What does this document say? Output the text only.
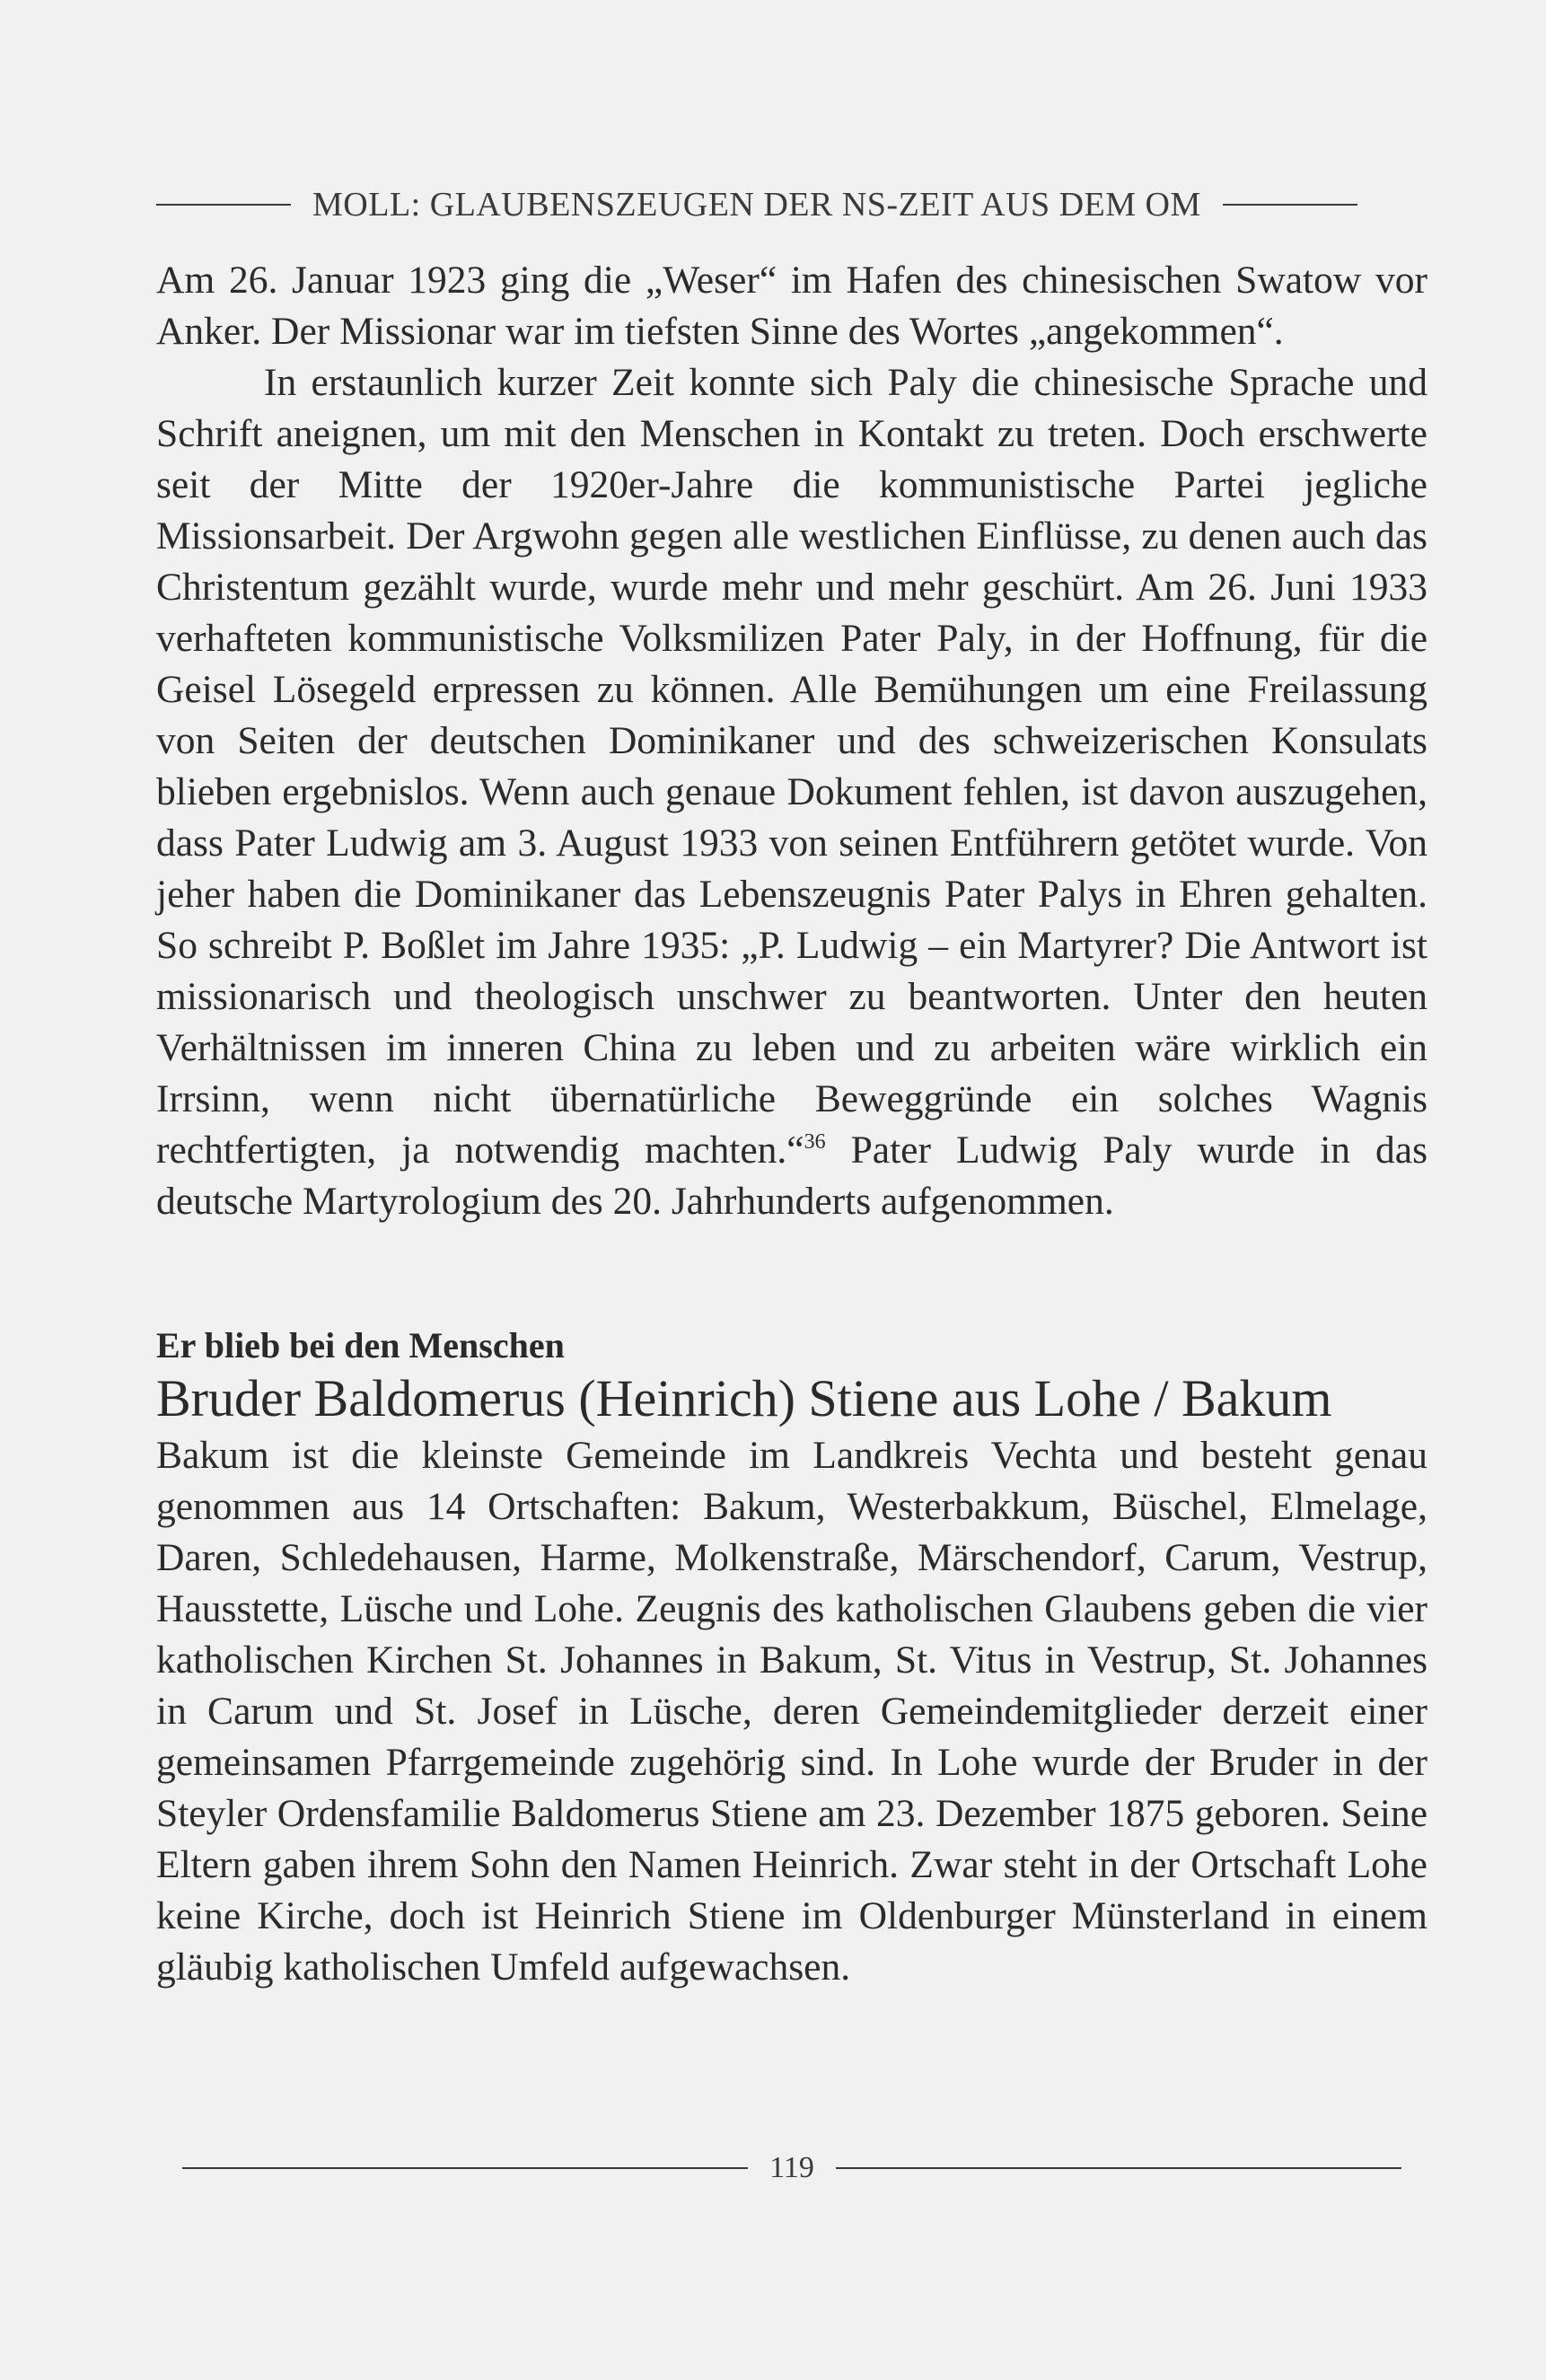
MOLL: GLAUBENSZEUGEN DER NS-ZEIT AUS DEM OM

Am 26. Januar 1923 ging die „Weser“ im Hafen des chinesischen Swatow vor Anker. Der Missionar war im tiefsten Sinne des Wortes „angekommen“.

In erstaunlich kurzer Zeit konnte sich Paly die chinesische Sprache und Schrift aneignen, um mit den Menschen in Kontakt zu treten. Doch erschwerte seit der Mitte der 1920er-Jahre die kommunistische Partei jegliche Missionsarbeit. Der Argwohn gegen alle westlichen Einflüsse, zu denen auch das Christentum gezählt wurde, wurde mehr und mehr geschürt. Am 26. Juni 1933 verhafteten kommunistische Volksmilizen Pater Paly, in der Hoffnung, für die Geisel Lösegeld erpressen zu können. Alle Bemühungen um eine Freilassung von Seiten der deutschen Dominikaner und des schweizerischen Konsulats blieben ergebnislos. Wenn auch genaue Dokument fehlen, ist davon auszugehen, dass Pater Ludwig am 3. August 1933 von seinen Entführern getötet wurde. Von jeher haben die Dominikaner das Lebenszeugnis Pater Palys in Ehren gehalten. So schreibt P. Boßlet im Jahre 1935: „P. Ludwig – ein Martyrer? Die Antwort ist missionarisch und theologisch unschwer zu beantworten. Unter den heuten Verhältnissen im inneren China zu leben und zu arbeiten wäre wirklich ein Irrsinn, wenn nicht übernatürliche Beweggründe ein solches Wagnis rechtfertigten, ja notwendig machten.“$^{36}$ Pater Ludwig Paly wurde in das deutsche Martyrologium des 20. Jahrhunderts aufgenommen.

Er blieb bei den Menschen
Bruder Baldomerus (Heinrich) Stiene aus Lohe / Bakum
Bakum ist die kleinste Gemeinde im Landkreis Vechta und besteht genau genommen aus 14 Ortschaften: Bakum, Westerbakkum, Büschel, Elmelage, Daren, Schledehausen, Harme, Molkenstraße, Märschendorf, Carum, Vestrup, Hausstette, Lüsche und Lohe. Zeugnis des katholischen Glaubens geben die vier katholischen Kirchen St. Johannes in Bakum, St. Vitus in Vestrup, St. Johannes in Carum und St. Josef in Lüsche, deren Gemeindemitglieder derzeit einer gemeinsamen Pfarrgemeinde zugehörig sind. In Lohe wurde der Bruder in der Steyler Ordensfamilie Baldomerus Stiene am 23. Dezember 1875 geboren. Seine Eltern gaben ihrem Sohn den Namen Heinrich. Zwar steht in der Ortschaft Lohe keine Kirche, doch ist Heinrich Stiene im Oldenburger Münsterland in einem gläubig katholischen Umfeld aufgewachsen.
119
